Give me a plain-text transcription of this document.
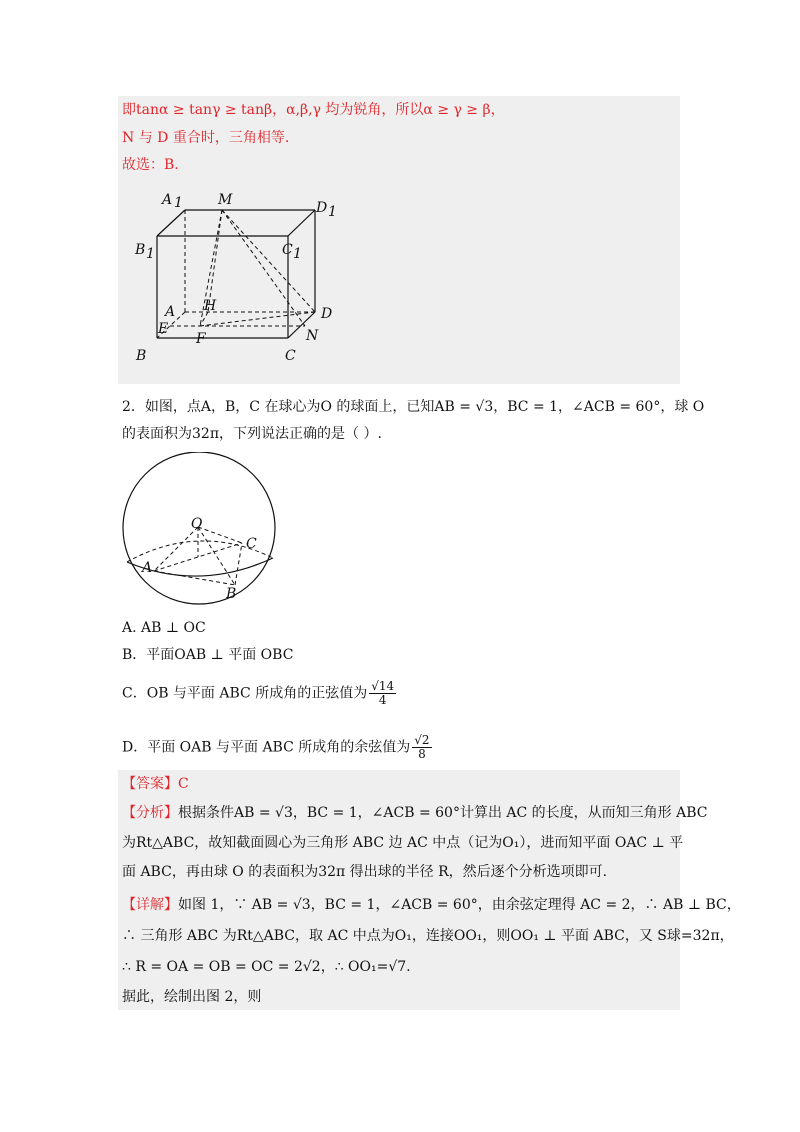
即tanα ≥ tanγ ≥ tanβ，α,β,γ 均为锐角，所以α ≥ γ ≥ β，
N 与 D 重合时，三角相等.
故选：B.
A 1	M	D 1
B 1	C 1
A H	D
E
F	N
B	C
2．如图，点A，B，C 在球心为O 的球面上，已知AB = √3，BC = 1，∠ACB = 60°，球 O
的表面积为32π，下列说法正确的是（ ）.
O
A
B
C
A. AB ⊥ OC
B．平面OAB ⊥ 平面 OBC
C．OB 与平面 ABC 所成角的正弦值为 $\frac{√14}{4}$
D．平面 OAB 与平面 ABC 所成角的余弦值为 $\frac{√2}{8}$
【答案】C
【分析】根据条件AB = √3，BC = 1，∠ACB = 60°计算出 AC 的长度，从而知三角形 ABC
为Rt△ABC，故知截面圆心为三角形 ABC 边 AC 中点（记为O₁），进而知平面 OAC ⊥ 平
面 ABC，再由球 O 的表面积为32π 得出球的半径 R，然后逐个分析选项即可.
【详解】如图 1，∵ AB = √3，BC = 1，∠ACB = 60°，由余弦定理得 AC = 2，∴ AB ⊥ BC，
∴ 三角形 ABC 为Rt△ABC，取 AC 中点为O₁，连接OO₁，则OO₁ ⊥ 平面 ABC，又 S球=32π，
∴ R = OA = OB = OC = 2√2，∴ OO₁=√7.
据此，绘制出图 2，则
